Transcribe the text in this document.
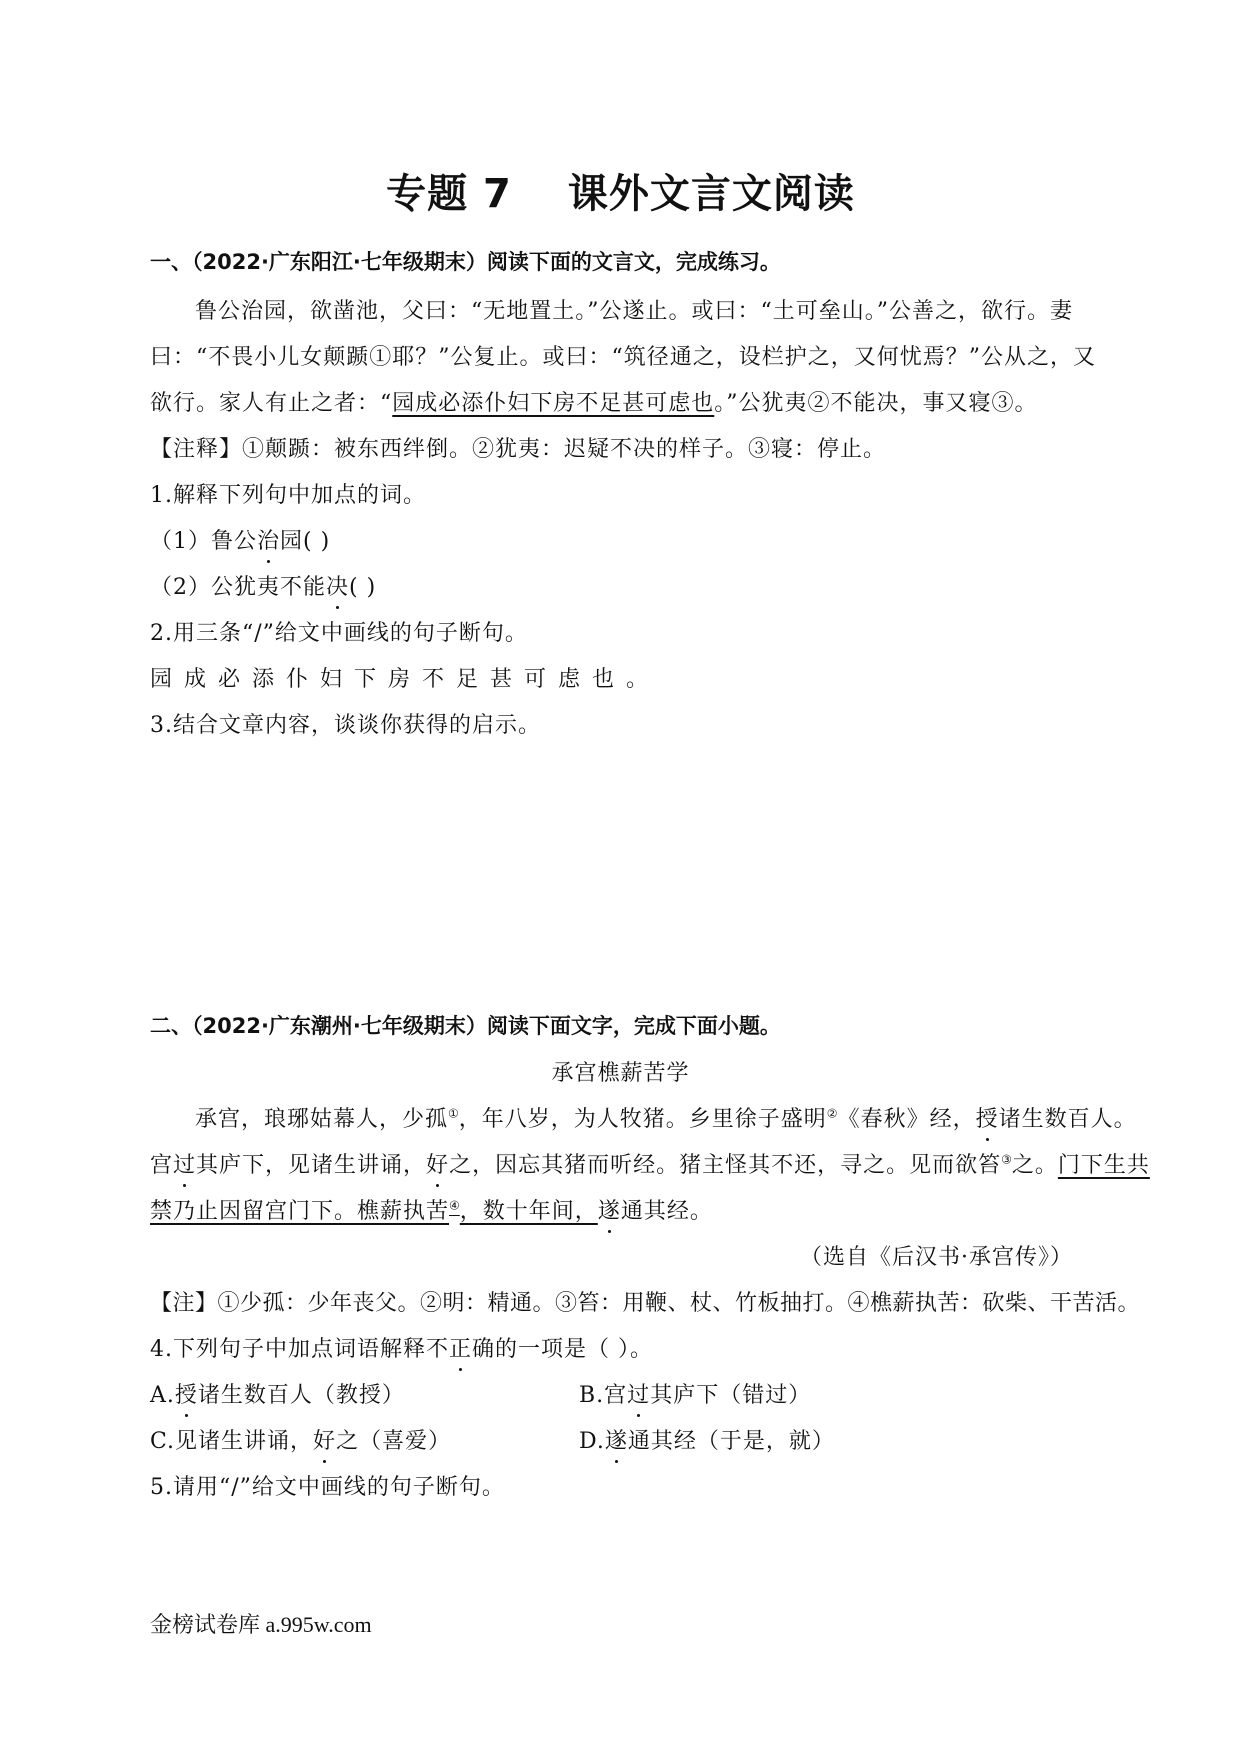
专题 7 课外文言文阅读
一、（2022·广东阳江·七年级期末）阅读下面的文言文，完成练习。
鲁公治园，欲凿池，父曰：“无地置土。”公遂止。或曰：“土可垒山。”公善之，欲行。妻
曰：“不畏小儿女颠踬①耶？”公复止。或曰：“筑径通之，设栏护之，又何忧焉？”公从之，又
欲行。家人有止之者：“园成必添仆妇下房不足甚可虑也。”公犹夷②不能决，事又寝③。
【注释】①颠踬：被东西绊倒。②犹夷：迟疑不决的样子。③寝：停止。
1.解释下列句中加点的词。
（1）鲁公治园( )
（2）公犹夷不能决( )
2.用三条“/”给文中画线的句子断句。
园成必添仆妇下房不足甚可虑也。
3.结合文章内容，谈谈你获得的启示。
二、（2022·广东潮州·七年级期末）阅读下面文字，完成下面小题。
承宫樵薪苦学
承宫，琅琊姑幕人，少孤①，年八岁，为人牧猪。乡里徐子盛明②《春秋》经，授诸生数百人。
宫过其庐下，见诸生讲诵，好之，因忘其猪而听经。猪主怪其不还，寻之。见而欲笞③之。门下生共
禁乃止因留宫门下。樵薪执苦④，数十年间，遂通其经。
（选自《后汉书·承宫传》）
【注】①少孤：少年丧父。②明：精通。③笞：用鞭、杖、竹板抽打。④樵薪执苦：砍柴、干苦活。
4.下列句子中加点词语解释不正确的一项是（ ）。
A.授诸生数百人（教授）	B.宫过其庐下（错过）
C.见诸生讲诵，好之（喜爱）	D.遂通其经（于是，就）
5.请用“/”给文中画线的句子断句。
金榜试卷库 a.995w.com
